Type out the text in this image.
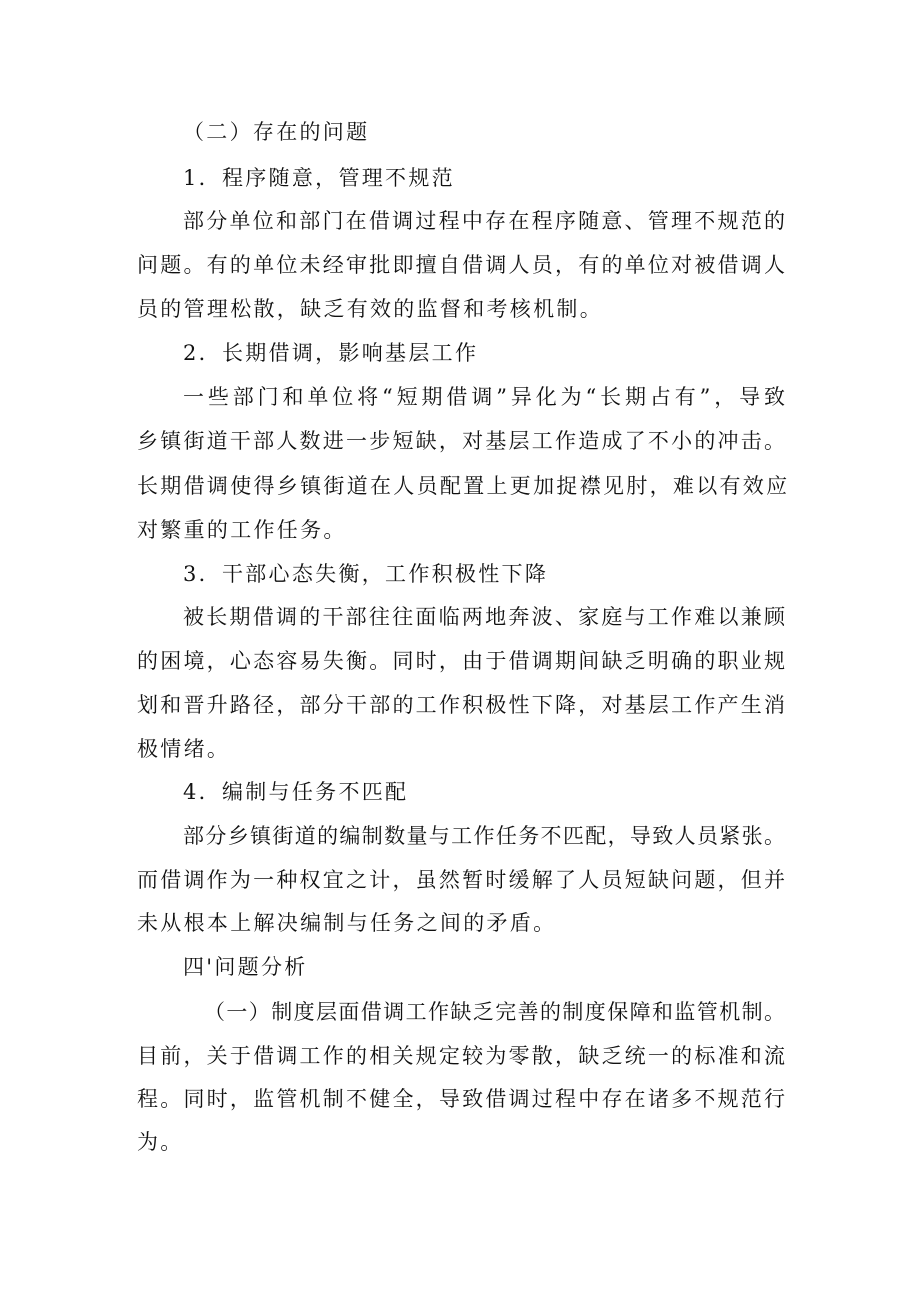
（二）存在的问题
1．程序随意，管理不规范
部分单位和部门在借调过程中存在程序随意、管理不规范的
问题。有的单位未经审批即擅自借调人员，有的单位对被借调人
员的管理松散，缺乏有效的监督和考核机制。
2．长期借调，影响基层工作
一些部门和单位将“短期借调”异化为“长期占有”，导致
乡镇街道干部人数进一步短缺，对基层工作造成了不小的冲击。
长期借调使得乡镇街道在人员配置上更加捉襟见肘，难以有效应
对繁重的工作任务。
3．干部心态失衡，工作积极性下降
被长期借调的干部往往面临两地奔波、家庭与工作难以兼顾
的困境，心态容易失衡。同时，由于借调期间缺乏明确的职业规
划和晋升路径，部分干部的工作积极性下降，对基层工作产生消
极情绪。
4．编制与任务不匹配
部分乡镇街道的编制数量与工作任务不匹配，导致人员紧张。
而借调作为一种权宜之计，虽然暂时缓解了人员短缺问题，但并
未从根本上解决编制与任务之间的矛盾。
四'问题分析
（一）制度层面借调工作缺乏完善的制度保障和监管机制。
目前，关于借调工作的相关规定较为零散，缺乏统一的标准和流
程。同时，监管机制不健全，导致借调过程中存在诸多不规范行
为。
